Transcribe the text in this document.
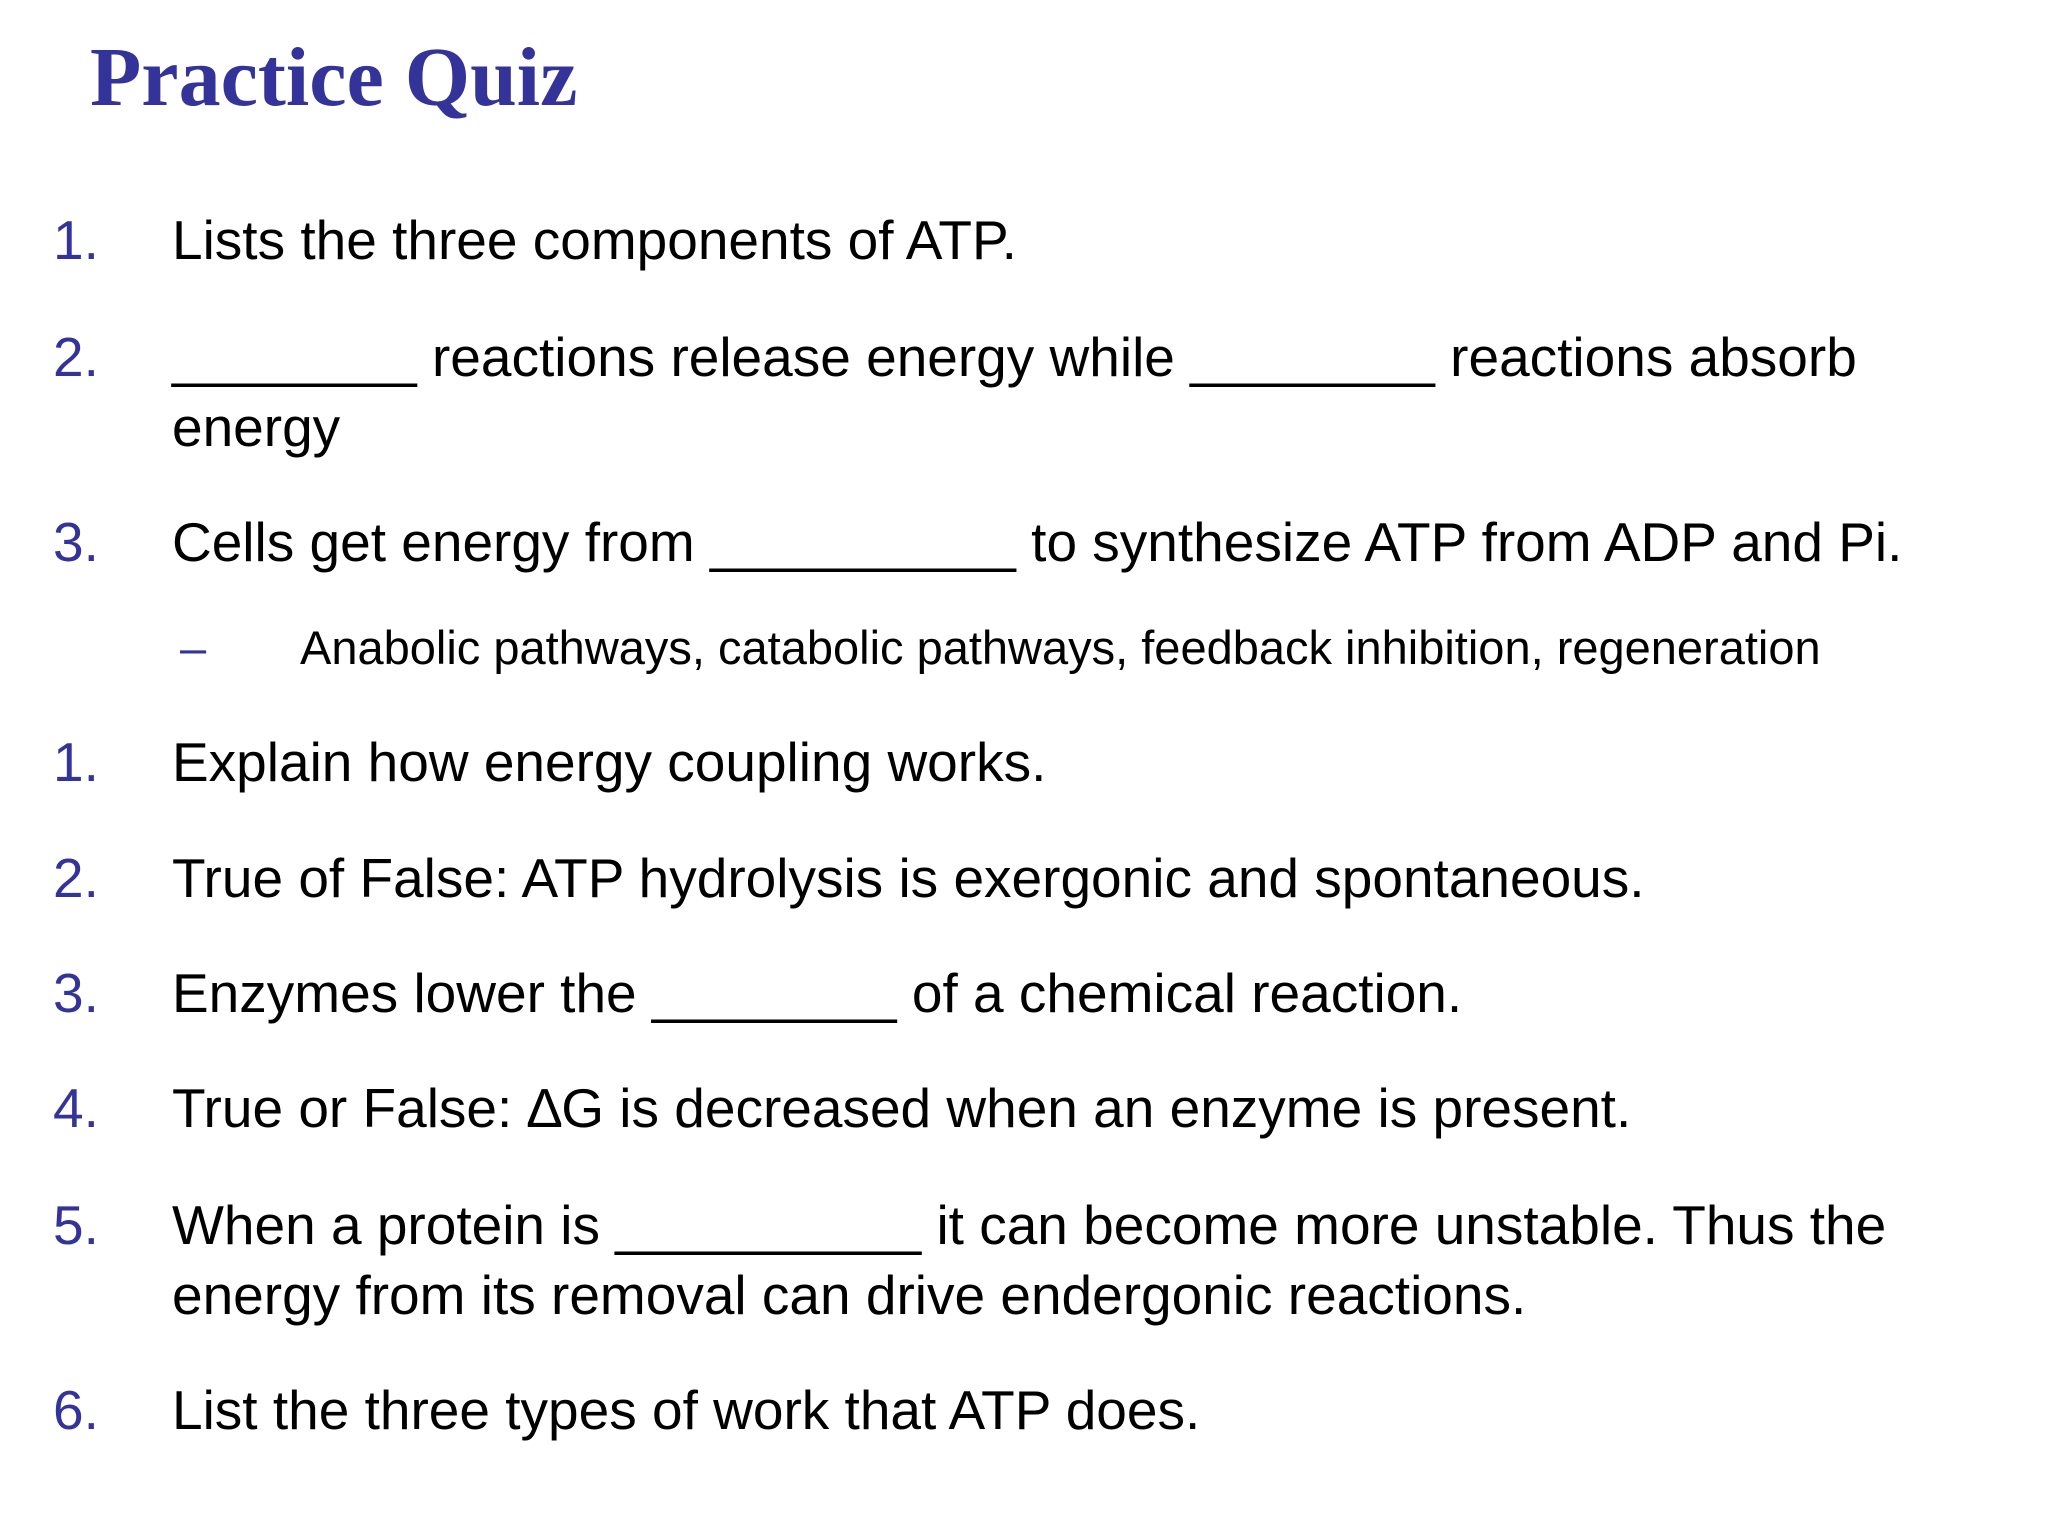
Practice Quiz
1. Lists the three components of ATP.
2. ________ reactions release energy while ________ reactions absorb energy
3. Cells get energy from __________ to synthesize ATP from ADP and Pi.
– Anabolic pathways, catabolic pathways, feedback inhibition, regeneration
1. Explain how energy coupling works.
2. True of False: ATP hydrolysis is exergonic and spontaneous.
3. Enzymes lower the ________ of a chemical reaction.
4. True or False: ∆G is decreased when an enzyme is present.
5. When a protein is __________ it can become more unstable. Thus the energy from its removal can drive endergonic reactions.
6. List the three types of work that ATP does.
